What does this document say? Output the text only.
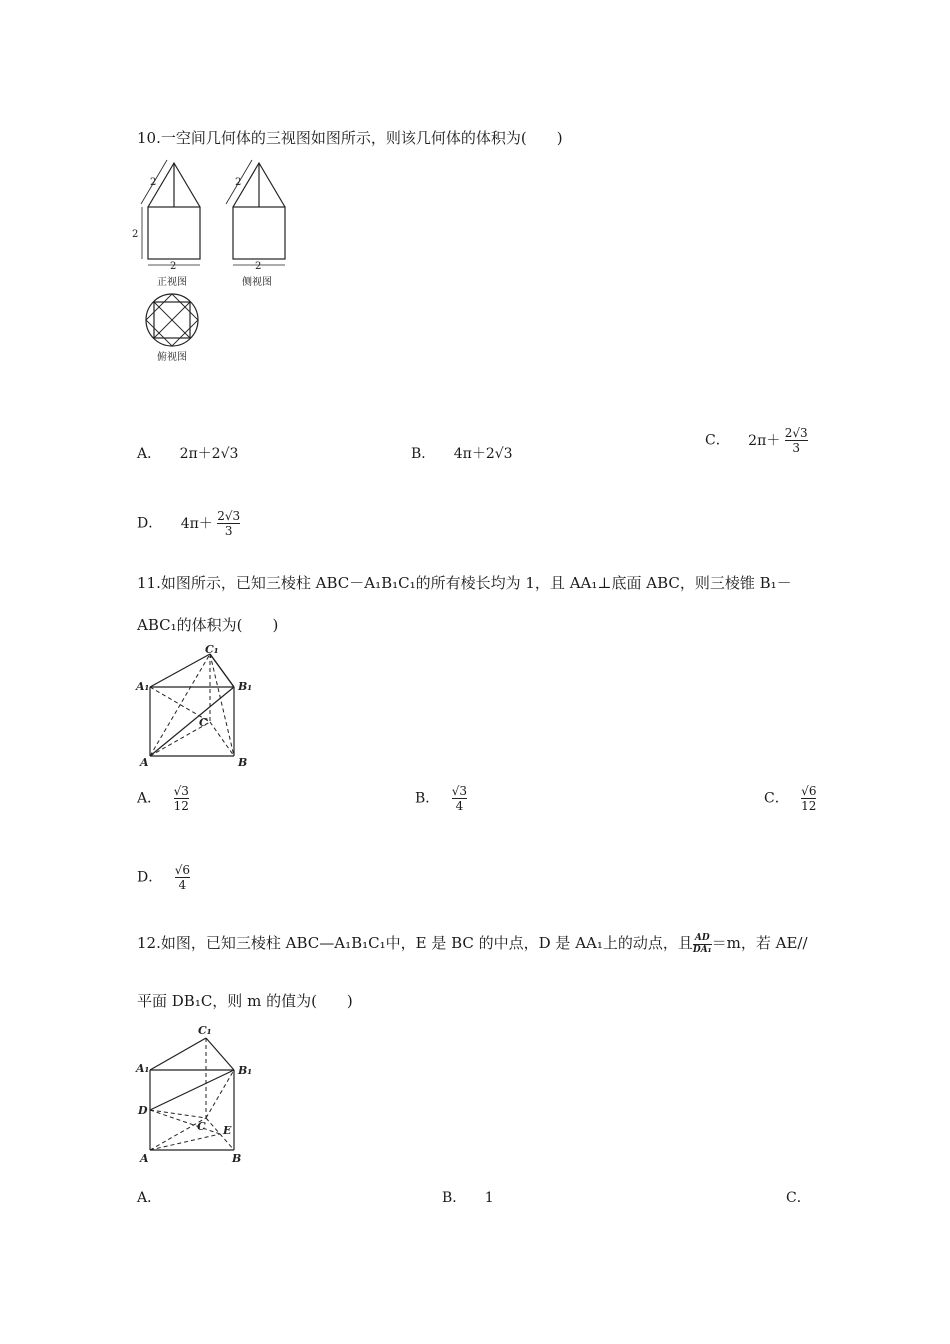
10.一空间几何体的三视图如图所示，则该几何体的体积为(　　)
2	2
2
2	2
正视图	侧视图
俯视图
A． 2π＋2√3	B． 4π＋2√3
C． $2\pi+ \frac{2√3}{3}$
D． $4\pi+ \frac{2√3}{3}$
11.如图所示，已知三棱柱 ABC－A₁B₁C₁的所有棱长均为 1，且 AA₁⊥底面 ABC，则三棱锥 B₁－
ABC₁的体积为(　　)
A₁	B₁
C₁
A	B
C
A． $\frac{√3}{12}$	B． $\frac{√3}{4}$	C． $\frac{√6}{12}$
D． $\frac{√6}{4}$
12.如图，已知三棱柱 ABC—A₁B₁C₁中，E 是 BC 的中点，D 是 AA₁上的动点，且 $\frac{AD}{\text{DA₁}} =m$，若 AE//
平面 DB₁C，则 m 的值为(　　)
A₁	B₁
C₁
D
A	B
C E
A．	B． 1	C．
